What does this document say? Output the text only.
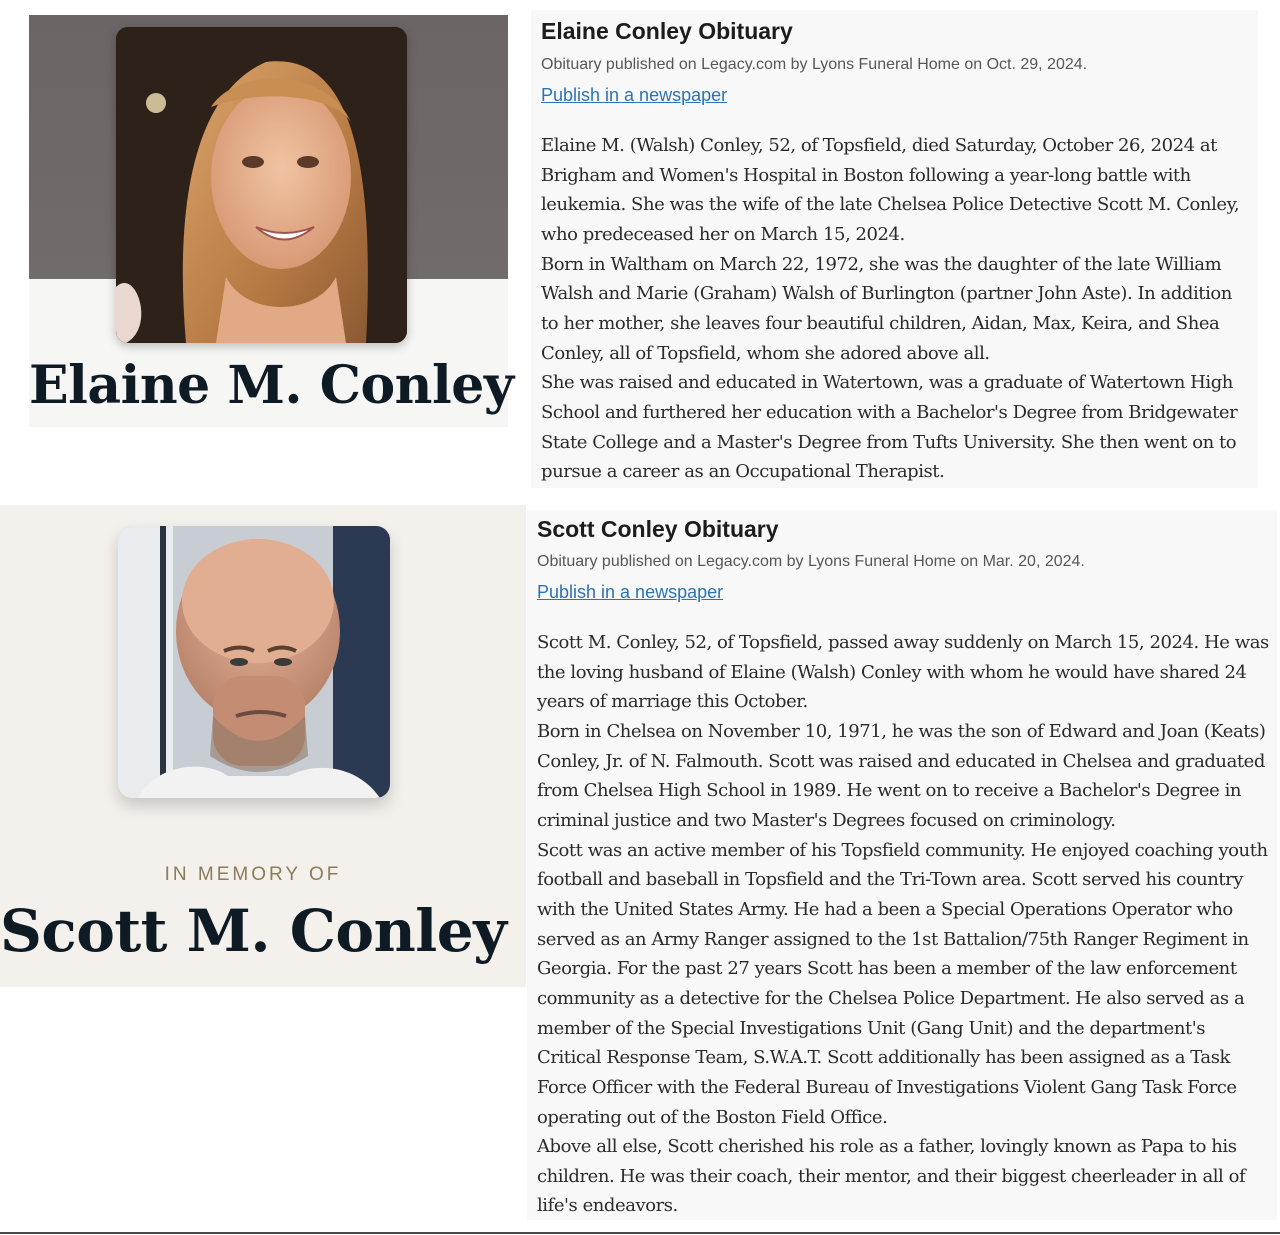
Elaine M. Conley
Elaine Conley Obituary
Obituary published on Legacy.com by Lyons Funeral Home on Oct. 29, 2024.
Publish in a newspaper

Elaine M. (Walsh) Conley, 52, of Topsfield, died Saturday, October 26, 2024 at Brigham and Women's Hospital in Boston following a year-long battle with leukemia. She was the wife of the late Chelsea Police Detective Scott M. Conley, who predeceased her on March 15, 2024.

Born in Waltham on March 22, 1972, she was the daughter of the late William Walsh and Marie (Graham) Walsh of Burlington (partner John Aste). In addition to her mother, she leaves four beautiful children, Aidan, Max, Keira, and Shea Conley, all of Topsfield, whom she adored above all.

She was raised and educated in Watertown, was a graduate of Watertown High School and furthered her education with a Bachelor's Degree from Bridgewater State College and a Master's Degree from Tufts University. She then went on to pursue a career as an Occupational Therapist.

IN MEMORY OF
Scott M. Conley
Scott Conley Obituary
Obituary published on Legacy.com by Lyons Funeral Home on Mar. 20, 2024.
Publish in a newspaper

Scott M. Conley, 52, of Topsfield, passed away suddenly on March 15, 2024. He was the loving husband of Elaine (Walsh) Conley with whom he would have shared 24 years of marriage this October.

Born in Chelsea on November 10, 1971, he was the son of Edward and Joan (Keats) Conley, Jr. of N. Falmouth. Scott was raised and educated in Chelsea and graduated from Chelsea High School in 1989. He went on to receive a Bachelor's Degree in criminal justice and two Master's Degrees focused on criminology.

Scott was an active member of his Topsfield community. He enjoyed coaching youth football and baseball in Topsfield and the Tri-Town area. Scott served his country with the United States Army. He had a been a Special Operations Operator who served as an Army Ranger assigned to the 1st Battalion/75th Ranger Regiment in Georgia. For the past 27 years Scott has been a member of the law enforcement community as a detective for the Chelsea Police Department. He also served as a member of the Special Investigations Unit (Gang Unit) and the department's Critical Response Team, S.W.A.T. Scott additionally has been assigned as a Task Force Officer with the Federal Bureau of Investigations Violent Gang Task Force operating out of the Boston Field Office.

Above all else, Scott cherished his role as a father, lovingly known as Papa to his children. He was their coach, their mentor, and their biggest cheerleader in all of life's endeavors.
